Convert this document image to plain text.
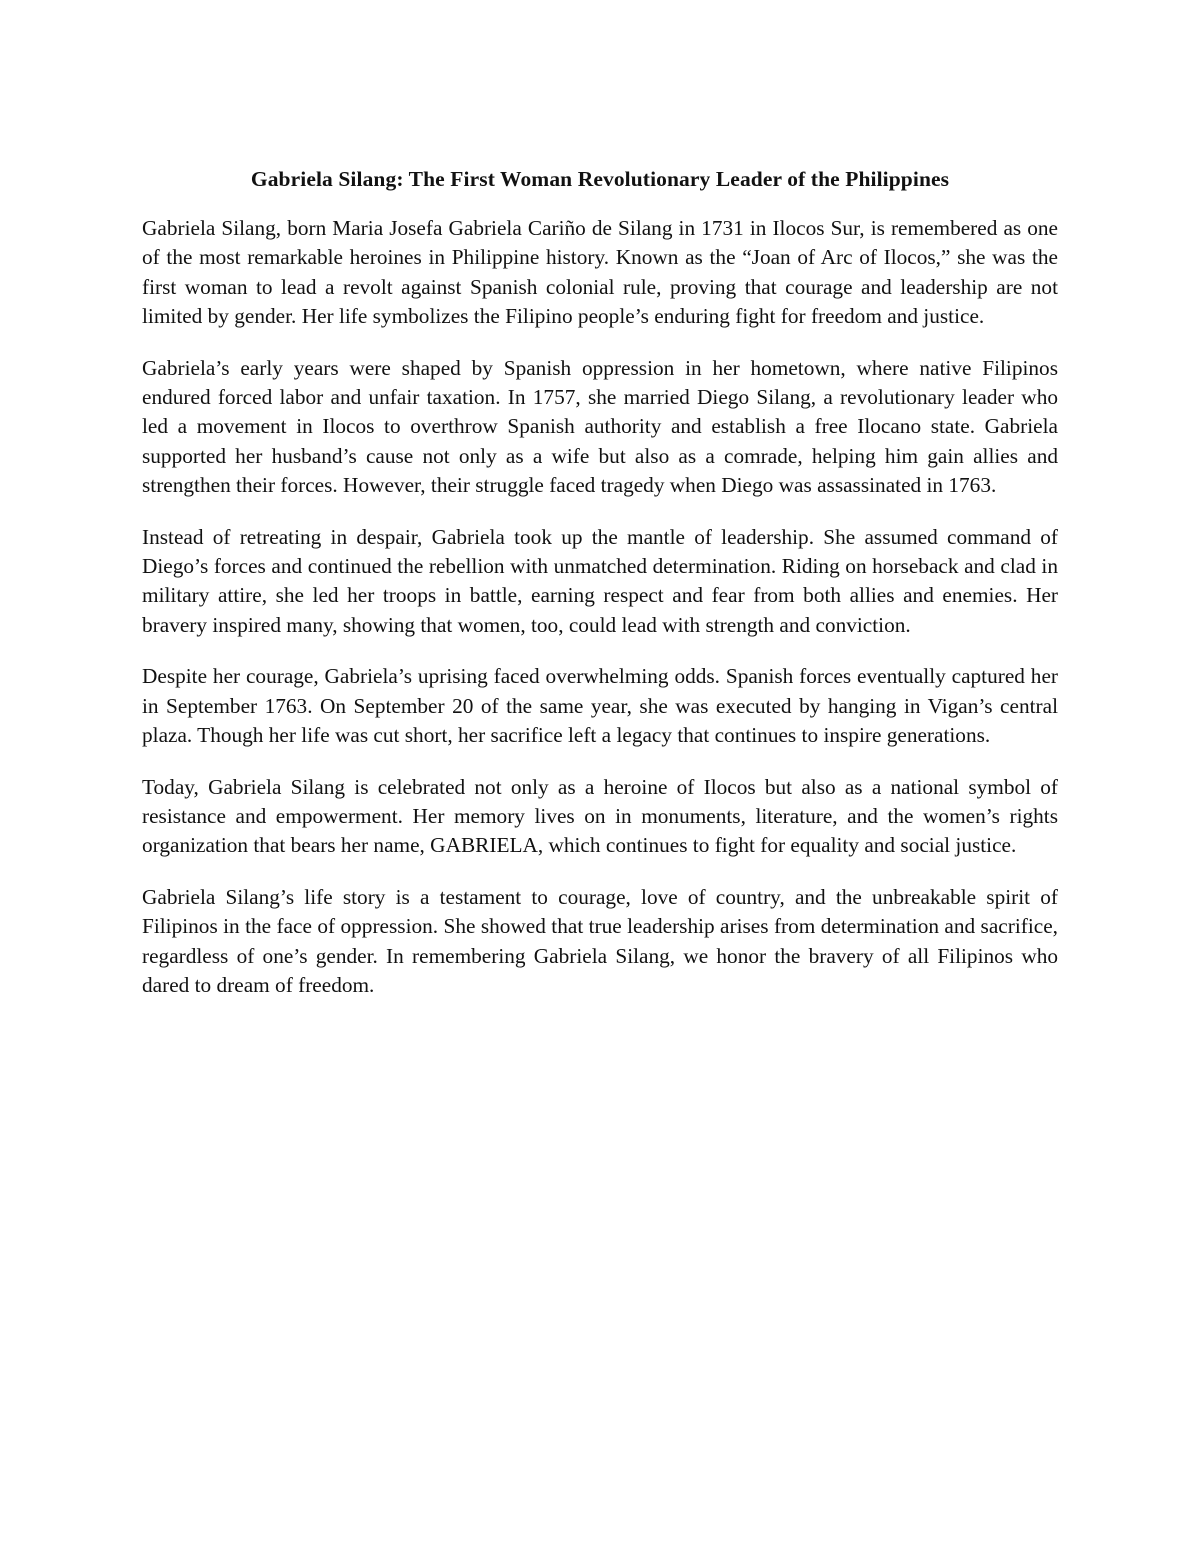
Gabriela Silang: The First Woman Revolutionary Leader of the Philippines

Gabriela Silang, born Maria Josefa Gabriela Cariño de Silang in 1731 in Ilocos Sur, is remembered as one of the most remarkable heroines in Philippine history. Known as the “Joan of Arc of Ilocos,” she was the first woman to lead a revolt against Spanish colonial rule, proving that courage and leadership are not limited by gender. Her life symbolizes the Filipino people’s enduring fight for freedom and justice.

Gabriela’s early years were shaped by Spanish oppression in her hometown, where native Filipinos endured forced labor and unfair taxation. In 1757, she married Diego Silang, a revolutionary leader who led a movement in Ilocos to overthrow Spanish authority and establish a free Ilocano state. Gabriela supported her husband’s cause not only as a wife but also as a comrade, helping him gain allies and strengthen their forces. However, their struggle faced tragedy when Diego was assassinated in 1763.

Instead of retreating in despair, Gabriela took up the mantle of leadership. She assumed command of Diego’s forces and continued the rebellion with unmatched determination. Riding on horseback and clad in military attire, she led her troops in battle, earning respect and fear from both allies and enemies. Her bravery inspired many, showing that women, too, could lead with strength and conviction.

Despite her courage, Gabriela’s uprising faced overwhelming odds. Spanish forces eventually captured her in September 1763. On September 20 of the same year, she was executed by hanging in Vigan’s central plaza. Though her life was cut short, her sacrifice left a legacy that continues to inspire generations.

Today, Gabriela Silang is celebrated not only as a heroine of Ilocos but also as a national symbol of resistance and empowerment. Her memory lives on in monuments, literature, and the women’s rights organization that bears her name, GABRIELA, which continues to fight for equality and social justice.

Gabriela Silang’s life story is a testament to courage, love of country, and the unbreakable spirit of Filipinos in the face of oppression. She showed that true leadership arises from determination and sacrifice, regardless of one’s gender. In remembering Gabriela Silang, we honor the bravery of all Filipinos who dared to dream of freedom.
